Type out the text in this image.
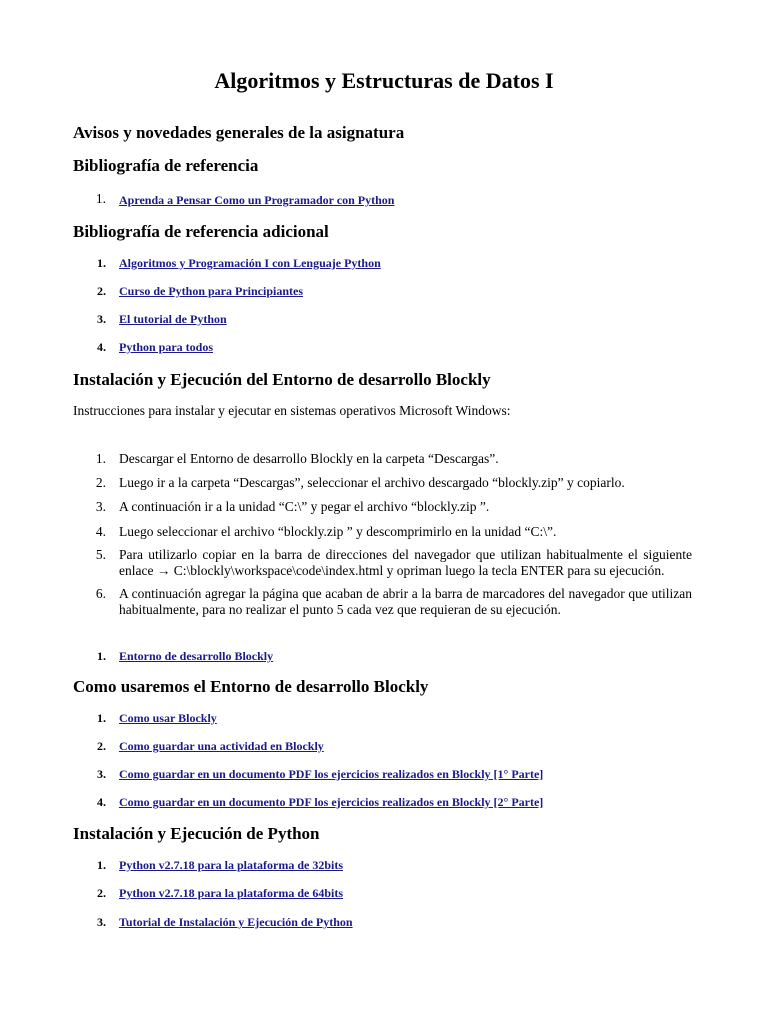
Algoritmos y Estructuras de Datos I
Avisos y novedades generales de la asignatura
Bibliografía de referencia
1. Aprenda a Pensar Como un Programador con Python
Bibliografía de referencia adicional
1. Algoritmos y Programación I con Lenguaje Python
2. Curso de Python para Principiantes
3. El tutorial de Python
4. Python para todos
Instalación y Ejecución del Entorno de desarrollo Blockly
Instrucciones para instalar y ejecutar en sistemas operativos Microsoft Windows:
1. Descargar el Entorno de desarrollo Blockly en la carpeta “Descargas”.
2. Luego ir a la carpeta “Descargas”, seleccionar el archivo descargado “blockly.zip” y copiarlo.
3. A continuación ir a la unidad “C:\” y pegar el archivo “blockly.zip ”.
4. Luego seleccionar el archivo “blockly.zip ” y descomprimirlo en la unidad “C:\”.
5. Para utilizarlo copiar en la barra de direcciones del navegador que utilizan habitualmente el siguiente enlace → C:\blockly\workspace\code\index.html y opriman luego la tecla ENTER para su ejecución.
6. A continuación agregar la página que acaban de abrir a la barra de marcadores del navegador que utilizan habitualmente, para no realizar el punto 5 cada vez que requieran de su ejecución.
1. Entorno de desarrollo Blockly
Como usaremos el Entorno de desarrollo Blockly
1. Como usar Blockly
2. Como guardar una actividad en Blockly
3. Como guardar en un documento PDF los ejercicios realizados en Blockly [1° Parte]
4. Como guardar en un documento PDF los ejercicios realizados en Blockly [2° Parte]
Instalación y Ejecución de Python
1. Python v2.7.18 para la plataforma de 32bits
2. Python v2.7.18 para la plataforma de 64bits
3. Tutorial de Instalación y Ejecución de Python
